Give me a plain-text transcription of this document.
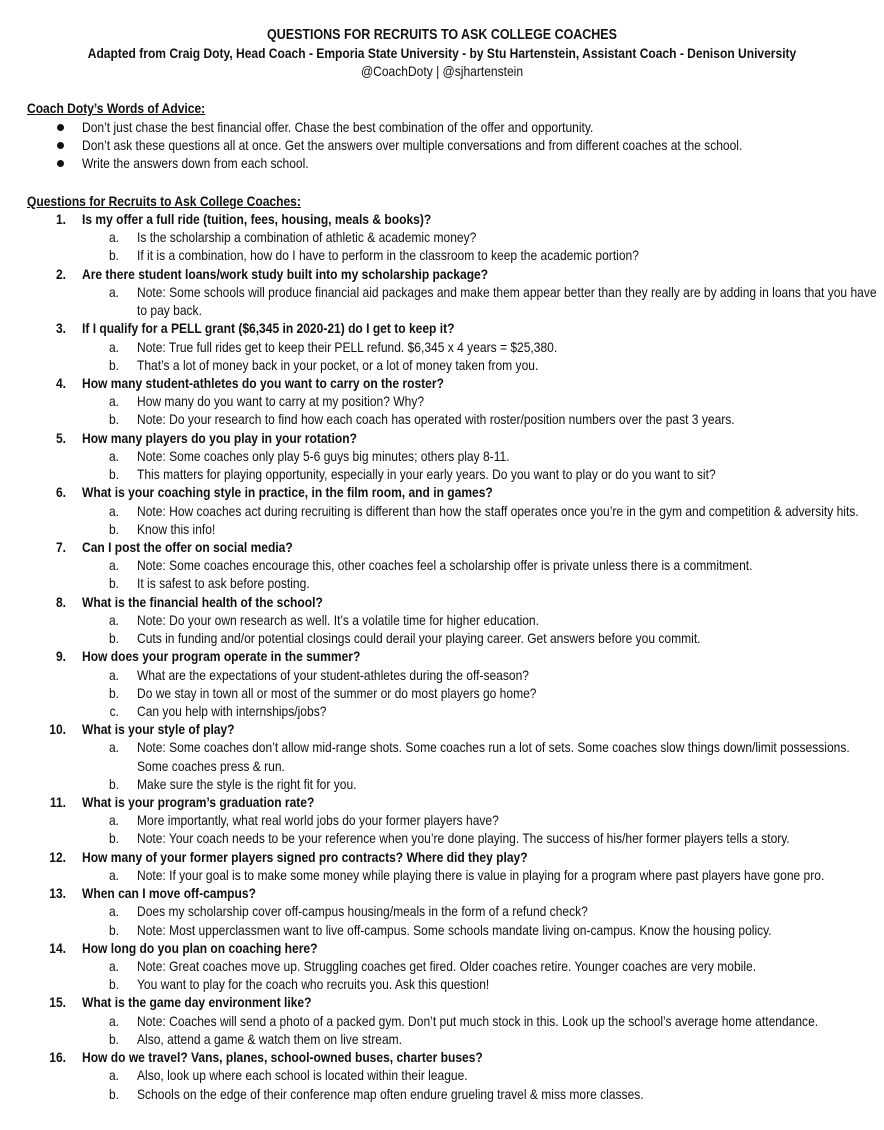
QUESTIONS FOR RECRUITS TO ASK COLLEGE COACHES
Adapted from Craig Doty, Head Coach - Emporia State University - by Stu Hartenstein, Assistant Coach - Denison University
@CoachDoty | @sjhartenstein
Coach Doty’s Words of Advice:
Don’t just chase the best financial offer. Chase the best combination of the offer and opportunity.
Don’t ask these questions all at once. Get the answers over multiple conversations and from different coaches at the school.
Write the answers down from each school.
Questions for Recruits to Ask College Coaches:
1. Is my offer a full ride (tuition, fees, housing, meals & books)?
a. Is the scholarship a combination of athletic & academic money?
b. If it is a combination, how do I have to perform in the classroom to keep the academic portion?
2. Are there student loans/work study built into my scholarship package?
a. Note: Some schools will produce financial aid packages and make them appear better than they really are by adding in loans that you have
to pay back.
3. If I qualify for a PELL grant ($6,345 in 2020-21) do I get to keep it?
a. Note: True full rides get to keep their PELL refund. $6,345 x 4 years = $25,380.
b. That’s a lot of money back in your pocket, or a lot of money taken from you.
4. How many student-athletes do you want to carry on the roster?
a. How many do you want to carry at my position? Why?
b. Note: Do your research to find how each coach has operated with roster/position numbers over the past 3 years.
5. How many players do you play in your rotation?
a. Note: Some coaches only play 5-6 guys big minutes; others play 8-11.
b. This matters for playing opportunity, especially in your early years. Do you want to play or do you want to sit?
6. What is your coaching style in practice, in the film room, and in games?
a. Note: How coaches act during recruiting is different than how the staff operates once you’re in the gym and competition & adversity hits.
b. Know this info!
7. Can I post the offer on social media?
a. Note: Some coaches encourage this, other coaches feel a scholarship offer is private unless there is a commitment.
b. It is safest to ask before posting.
8. What is the financial health of the school?
a. Note: Do your own research as well. It’s a volatile time for higher education.
b. Cuts in funding and/or potential closings could derail your playing career. Get answers before you commit.
9. How does your program operate in the summer?
a. What are the expectations of your student-athletes during the off-season?
b. Do we stay in town all or most of the summer or do most players go home?
c. Can you help with internships/jobs?
10. What is your style of play?
a. Note: Some coaches don’t allow mid-range shots. Some coaches run a lot of sets. Some coaches slow things down/limit possessions.
Some coaches press & run.
b. Make sure the style is the right fit for you.
11. What is your program’s graduation rate?
a. More importantly, what real world jobs do your former players have?
b. Note: Your coach needs to be your reference when you’re done playing. The success of his/her former players tells a story.
12. How many of your former players signed pro contracts? Where did they play?
a. Note: If your goal is to make some money while playing there is value in playing for a program where past players have gone pro.
13. When can I move off-campus?
a. Does my scholarship cover off-campus housing/meals in the form of a refund check?
b. Note: Most upperclassmen want to live off-campus. Some schools mandate living on-campus. Know the housing policy.
14. How long do you plan on coaching here?
a. Note: Great coaches move up. Struggling coaches get fired. Older coaches retire. Younger coaches are very mobile.
b. You want to play for the coach who recruits you. Ask this question!
15. What is the game day environment like?
a. Note: Coaches will send a photo of a packed gym. Don’t put much stock in this. Look up the school’s average home attendance.
b. Also, attend a game & watch them on live stream.
16. How do we travel? Vans, planes, school-owned buses, charter buses?
a. Also, look up where each school is located within their league.
b. Schools on the edge of their conference map often endure grueling travel & miss more classes.
